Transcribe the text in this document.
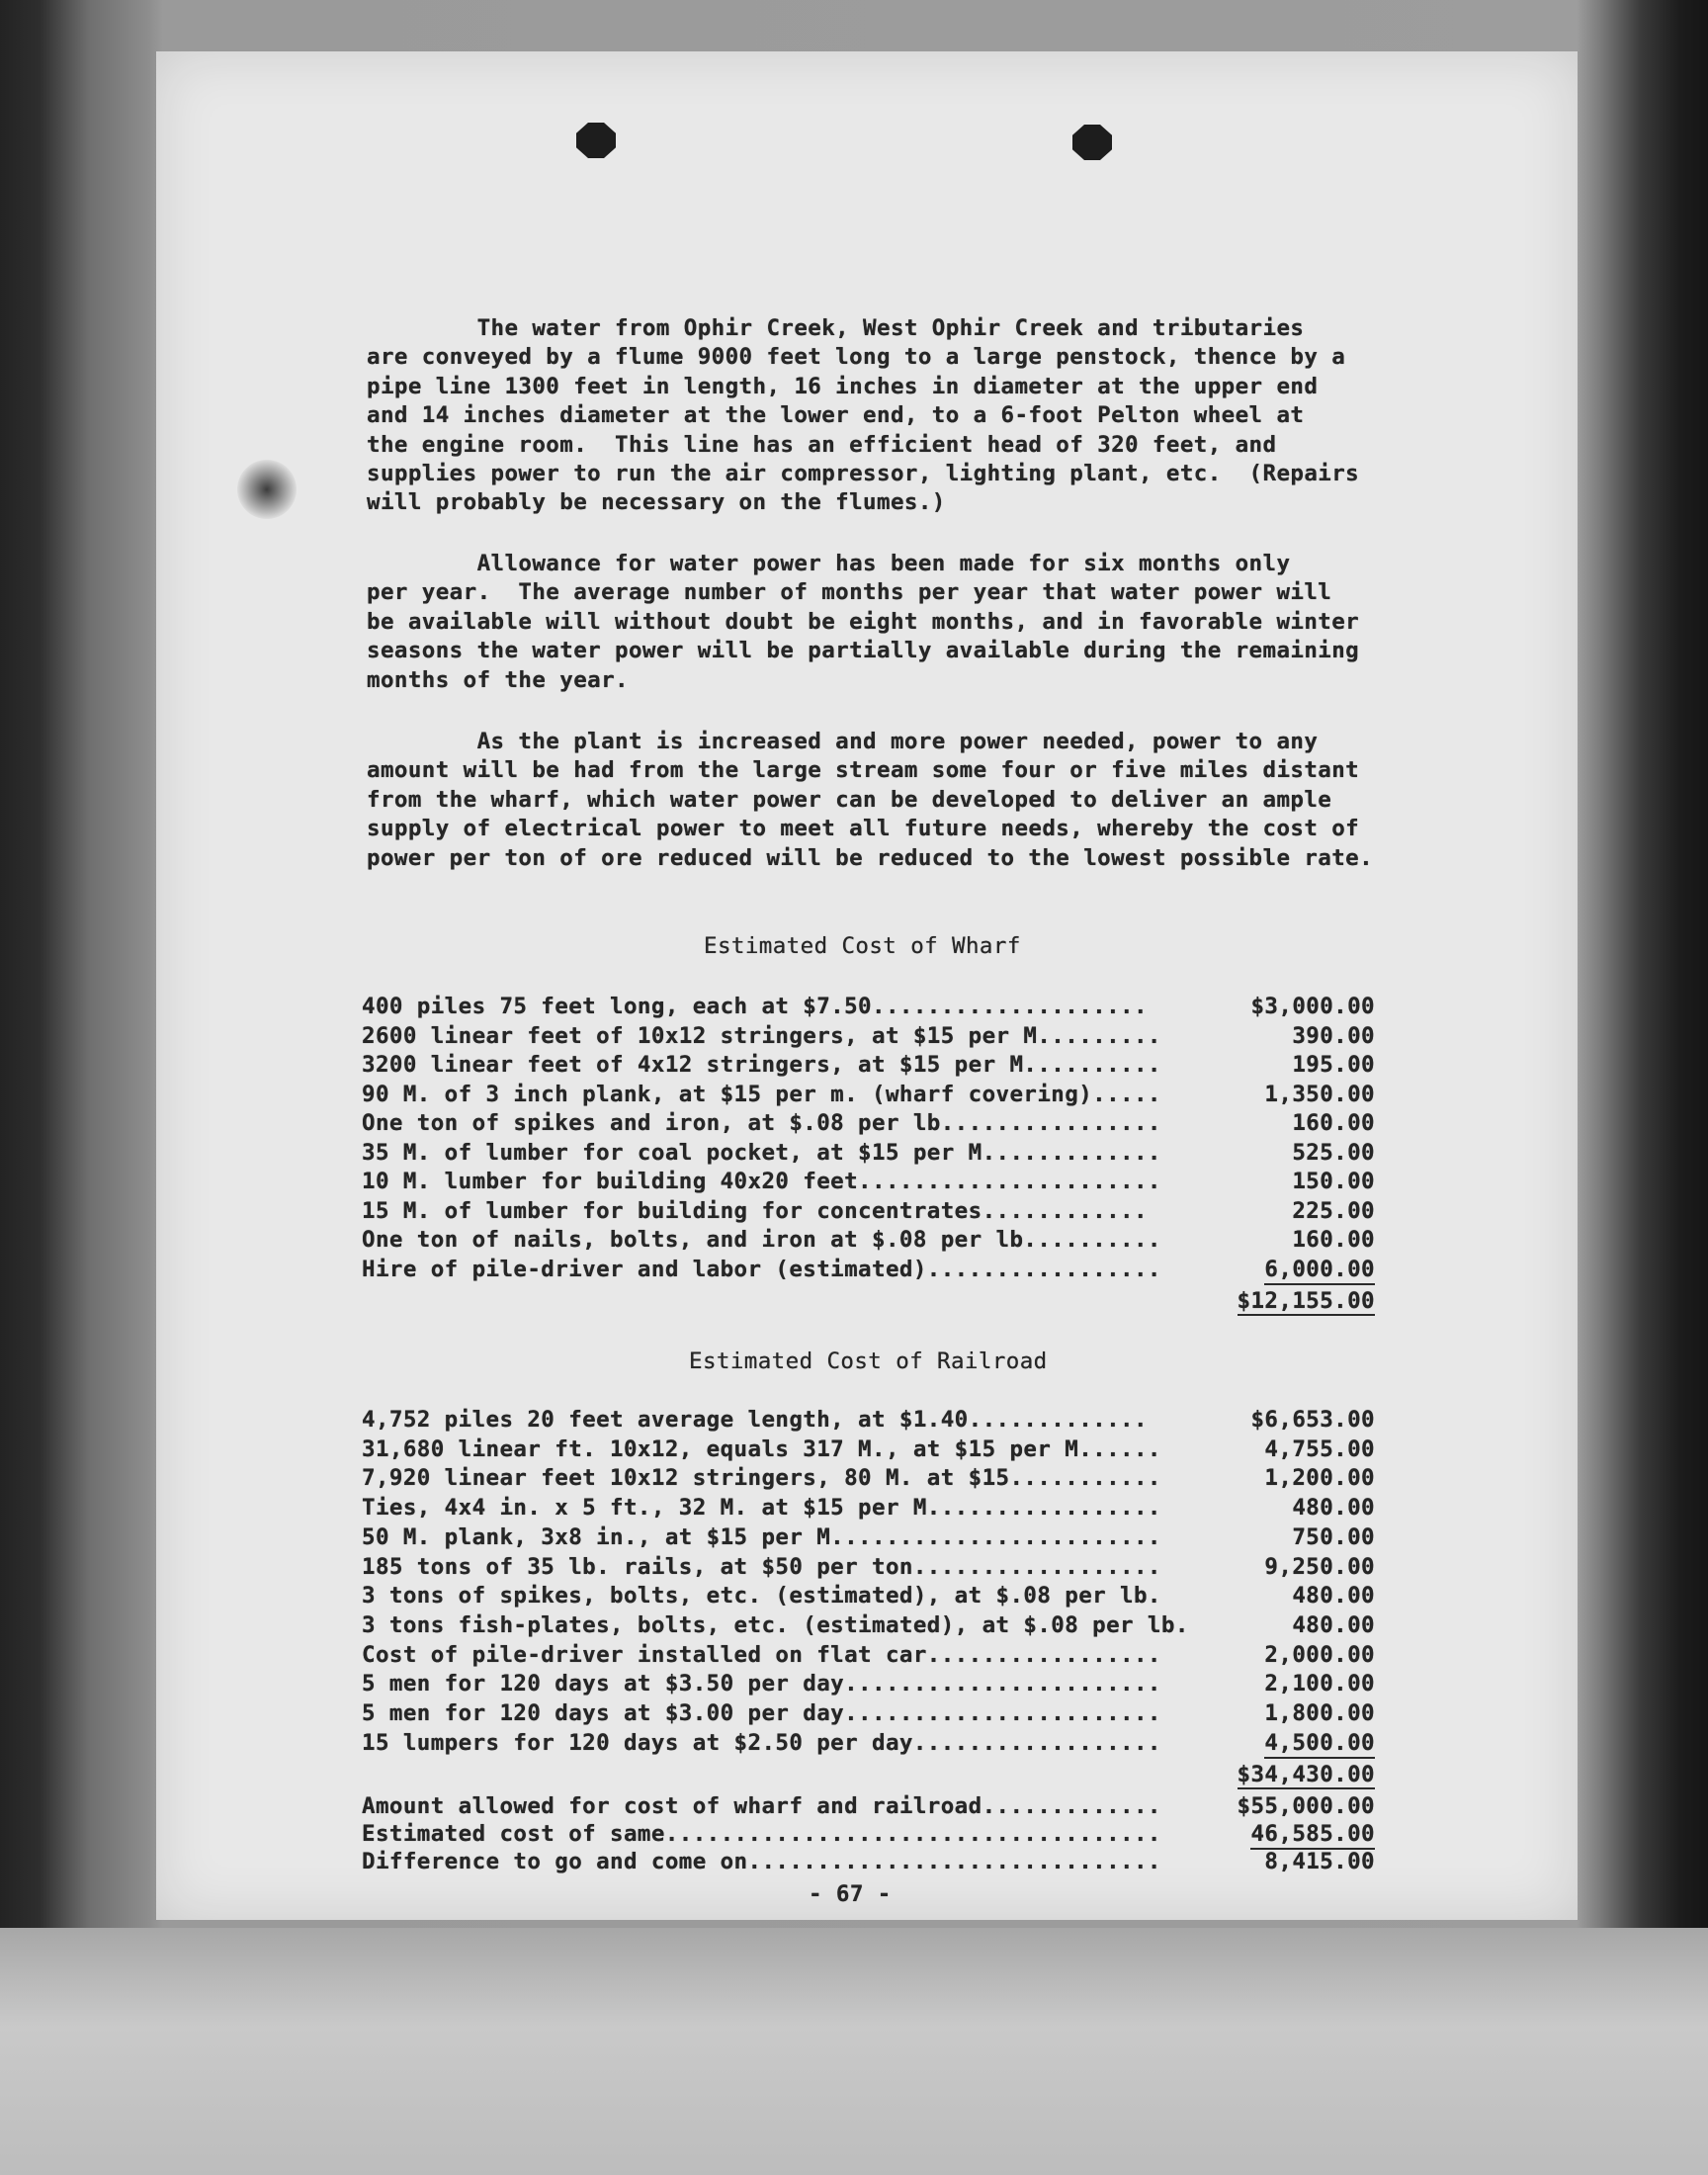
The water from Ophir Creek, West Ophir Creek and tributaries
are conveyed by a flume 9000 feet long to a large penstock, thence by a
pipe line 1300 feet in length, 16 inches in diameter at the upper end
and 14 inches diameter at the lower end, to a 6-foot Pelton wheel at
the engine room.  This line has an efficient head of 320 feet, and
supplies power to run the air compressor, lighting plant, etc.  (Repairs
will probably be necessary on the flumes.)
Allowance for water power has been made for six months only
per year.  The average number of months per year that water power will
be available will without doubt be eight months, and in favorable winter
seasons the water power will be partially available during the remaining
months of the year.
As the plant is increased and more power needed, power to any
amount will be had from the large stream some four or five miles distant
from the wharf, which water power can be developed to deliver an ample
supply of electrical power to meet all future needs, whereby the cost of
power per ton of ore reduced will be reduced to the lowest possible rate.
Estimated Cost of Wharf
400 piles 75 feet long, each at $7.50....................	$3,000.00
2600 linear feet of 10x12 stringers, at $15 per M.........	390.00
3200 linear feet of 4x12 stringers, at $15 per M..........	195.00
90 M. of 3 inch plank, at $15 per m. (wharf covering).....	1,350.00
One ton of spikes and iron, at $.08 per lb................	160.00
35 M. of lumber for coal pocket, at $15 per M.............	525.00
10 M. lumber for building 40x20 feet......................	150.00
15 M. of lumber for building for concentrates............	225.00
One ton of nails, bolts, and iron at $.08 per lb..........	160.00
Hire of pile-driver and labor (estimated).................	6,000.00
$12,155.00
Estimated Cost of Railroad
4,752 piles 20 feet average length, at $1.40.............	$6,653.00
31,680 linear ft. 10x12, equals 317 M., at $15 per M......	4,755.00
7,920 linear feet 10x12 stringers, 80 M. at $15...........	1,200.00
Ties, 4x4 in. x 5 ft., 32 M. at $15 per M.................	480.00
50 M. plank, 3x8 in., at $15 per M........................	750.00
185 tons of 35 lb. rails, at $50 per ton..................	9,250.00
3 tons of spikes, bolts, etc. (estimated), at $.08 per lb.	480.00
3 tons fish-plates, bolts, etc. (estimated), at $.08 per lb.	480.00
Cost of pile-driver installed on flat car.................	2,000.00
5 men for 120 days at $3.50 per day.......................	2,100.00
5 men for 120 days at $3.00 per day.......................	1,800.00
15 lumpers for 120 days at $2.50 per day..................	4,500.00
$34,430.00
Amount allowed for cost of wharf and railroad.............	$55,000.00
Estimated cost of same....................................	46,585.00
Difference to go and come on..............................	8,415.00
- 67 -
